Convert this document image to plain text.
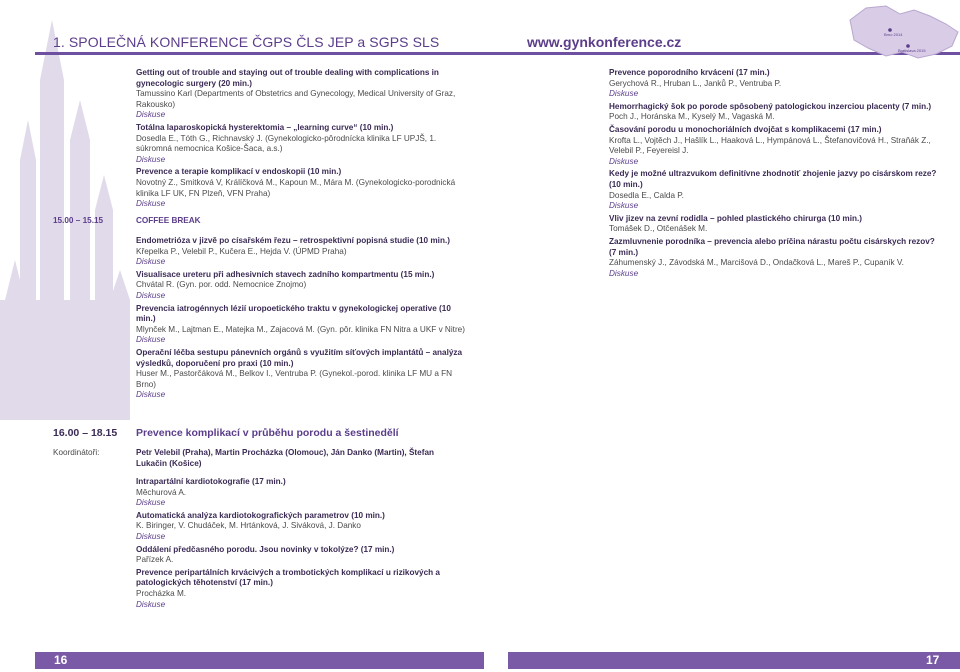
1. SPOLEČNÁ KONFERENCE ČGPS ČLS JEP a SGPS SLS	www.gynkonference.cz	Brno 2014
Bratislava 2015
Getting out of trouble and staying out of trouble dealing with complications in gynecologic surgery (20 min.)
Tamussino Karl (Departments of Obstetrics and Gynecology, Medical University of Graz, Rakousko)
Diskuse
Totálna laparoskopická hysterektomia – „learning curve“ (10 min.)
Dosedla E., Tóth G., Richnavský J. (Gynekologicko-pôrodnícka klinika LF UPJŠ, 1. súkromná nemocnica Košice-Šaca, a.s.)
Diskuse
Prevence a terapie komplikací v endoskopii (10 min.)
Novotný Z., Smitková V, Králíčková M., Kapoun M., Mára M. (Gynekologicko-porodnická klinika LF UK, FN Plzeň, VFN Praha)
Diskuse
15.00 – 15.15	COFFEE BREAK
Endometrióza v jizvě po císařském řezu – retrospektivní popisná studie (10 min.)
Křepelka P., Velebil P., Kučera E., Hejda V. (ÚPMD Praha)
Diskuse
Visualisace ureteru při adhesivních stavech zadního kompartmentu (15 min.)
Chvátal R. (Gyn. por. odd. Nemocnice Znojmo)
Diskuse
Prevencia iatrogénnych lézií uropoetického traktu v gynekologickej operative (10 min.)
Mlynček M., Lajtman E., Matejka M., Zajacová M. (Gyn. pôr. klinika FN Nitra a UKF v Nitre)
Diskuse
Operační léčba sestupu pánevních orgánů s využitím síťových implantátů – analýza výsledků, doporučení pro praxi (10 min.)
Huser M., Pastorčáková M., Belkov I., Ventruba P. (Gynekol.-porod. klinika LF MU a FN Brno)
Diskuse
Prevence poporodního krvácení (17 min.)
Gerychová R., Hruban L., Janků P., Ventruba P.
Diskuse
Hemorrhagický šok po porode spôsobený patologickou inzerciou placenty (7 min.)
Poch J., Horánska M., Kyselý M., Vagaská M.
Časování porodu u monochoriálních dvojčat s komplikacemi (17 min.)
Krofta L., Vojtěch J., Hašlík L., Haaková L., Hympánová L., Štefanovičová H., Straňák Z., Velebil P., Feyereisl J.
Diskuse
Kedy je možné ultrazvukom definitívne zhodnotiť zhojenie jazvy po cisárskom reze? (10 min.)
Dosedla E., Calda P.
Diskuse
Vliv jizev na zevní rodidla – pohled plastického chirurga (10 min.)
Tomášek D., Otčenášek M.
Zazmluvnenie porodníka – prevencia alebo príčina nárastu počtu cisárskych rezov? (7 min.)
Záhumenský J., Závodská M., Marcišová D., Ondačková L., Mareš P., Cupaník V.
Diskuse
16.00 – 18.15 Prevence komplikací v průběhu porodu a šestinedělí
Koordinátoři:	Petr Velebil (Praha), Martin Procházka (Olomouc), Ján Danko (Martin), Štefan Lukačin (Košice)
Intrapartální kardiotokografie (17 min.)
Měchurová A.
Diskuse
Automatická analýza kardiotokografických parametrov (10 min.)
K. Biringer, V. Chudáček, M. Hrtánková, J. Siváková, J. Danko
Diskuse
Oddálení předčasného porodu. Jsou novinky v tokolýze? (17 min.)
Pařízek A.
Prevence peripartálních krvácivých a trombotických komplikací u rizikových a patologických těhotenství (17 min.)
Procházka M.
Diskuse
16	17
